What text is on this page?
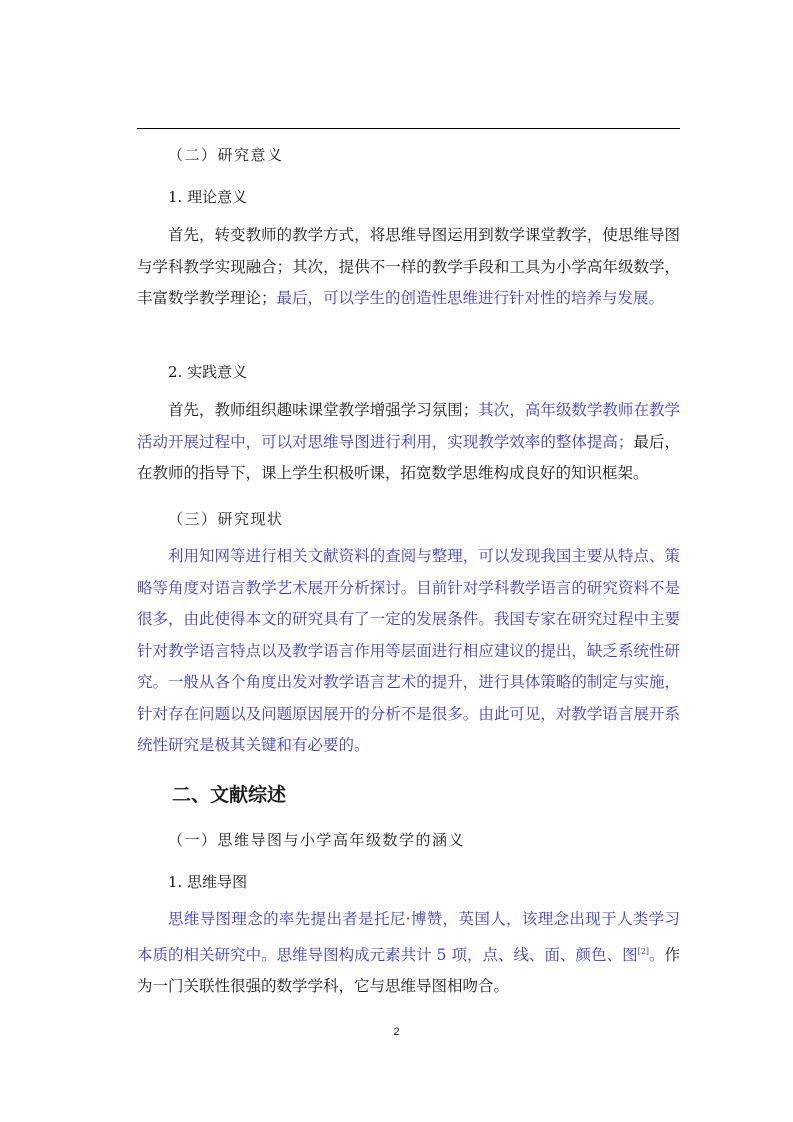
（二）研究意义
1. 理论意义
首先，转变教师的教学方式，将思维导图运用到数学课堂教学，使思维导图与学科教学实现融合；其次，提供不一样的教学手段和工具为小学高年级数学，丰富数学教学理论；最后，可以学生的创造性思维进行针对性的培养与发展。
2. 实践意义
首先，教师组织趣味课堂教学增强学习氛围；其次，高年级数学教师在教学活动开展过程中，可以对思维导图进行利用，实现教学效率的整体提高；最后，在教师的指导下，课上学生积极听课，拓宽数学思维构成良好的知识框架。
（三）研究现状
利用知网等进行相关文献资料的查阅与整理，可以发现我国主要从特点、策略等角度对语言教学艺术展开分析探讨。目前针对学科教学语言的研究资料不是很多，由此使得本文的研究具有了一定的发展条件。我国专家在研究过程中主要针对教学语言特点以及教学语言作用等层面进行相应建议的提出，缺乏系统性研究。一般从各个角度出发对教学语言艺术的提升，进行具体策略的制定与实施，针对存在问题以及问题原因展开的分析不是很多。由此可见，对教学语言展开系统性研究是极其关键和有必要的。
二、文献综述
（一）思维导图与小学高年级数学的涵义
1. 思维导图
思维导图理念的率先提出者是托尼·博赞，英国人，该理念出现于人类学习本质的相关研究中。思维导图构成元素共计 5 项，点、线、面、颜色、图[2]。作为一门关联性很强的数学学科，它与思维导图相吻合。
2
